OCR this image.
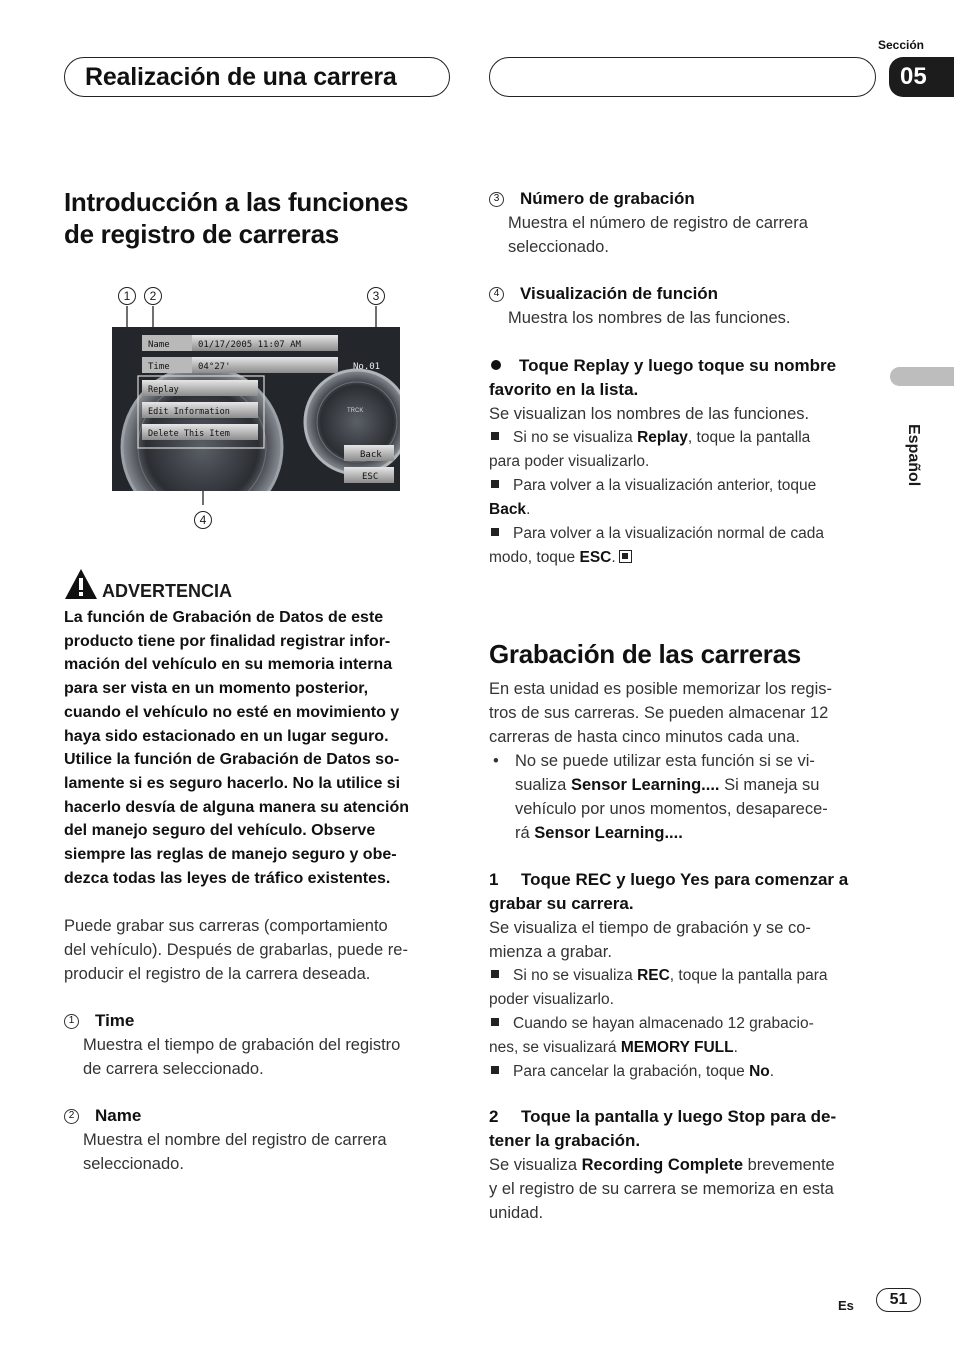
Sección
Realización de una carrera	05
Español
Introducción a las funciones
de registro de carreras
1	2	3
4
TRCK
Name	01/17/2005 11:07 AM
Time	04°27'	No.01
Replay
Edit Information
Delete This Item
Back
ESC
ADVERTENCIA
La función de Grabación de Datos de este
producto tiene por finalidad registrar infor-
mación del vehículo en su memoria interna
para ser vista en un momento posterior,
cuando el vehículo no esté en movimiento y
haya sido estacionado en un lugar seguro.
Utilice la función de Grabación de Datos so-
lamente si es seguro hacerlo. No la utilice si
hacerlo desvía de alguna manera su atención
del manejo seguro del vehículo. Observe
siempre las reglas de manejo seguro y obe-
dezca todas las leyes de tráfico existentes.
Puede grabar sus carreras (comportamiento
del vehículo). Después de grabarlas, puede re-
producir el registro de la carrera deseada.
1 Time
Muestra el tiempo de grabación del registro
de carrera seleccionado.
2 Name
Muestra el nombre del registro de carrera
seleccionado.
3 Número de grabación
Muestra el número de registro de carrera
seleccionado.
4 Visualización de función
Muestra los nombres de las funciones.
Toque Replay y luego toque su nombre
favorito en la lista.
Se visualizan los nombres de las funciones.
Si no se visualiza Replay, toque la pantalla
para poder visualizarlo.
Para volver a la visualización anterior, toque
Back.
Para volver a la visualización normal de cada
modo, toque ESC.
Grabación de las carreras
En esta unidad es posible memorizar los regis-
tros de sus carreras. Se pueden almacenar 12
carreras de hasta cinco minutos cada una.
• No se puede utilizar esta función si se vi-
sualiza Sensor Learning.... Si maneja su
vehículo por unos momentos, desaparece-
rá Sensor Learning....
1 Toque REC y luego Yes para comenzar a
grabar su carrera.
Se visualiza el tiempo de grabación y se co-
mienza a grabar.
Si no se visualiza REC, toque la pantalla para
poder visualizarlo.
Cuando se hayan almacenado 12 grabacio-
nes, se visualizará MEMORY FULL.
Para cancelar la grabación, toque No.
2 Toque la pantalla y luego Stop para de-
tener la grabación.
Se visualiza Recording Complete brevemente
y el registro de su carrera se memoriza en esta
unidad.
Es	51
